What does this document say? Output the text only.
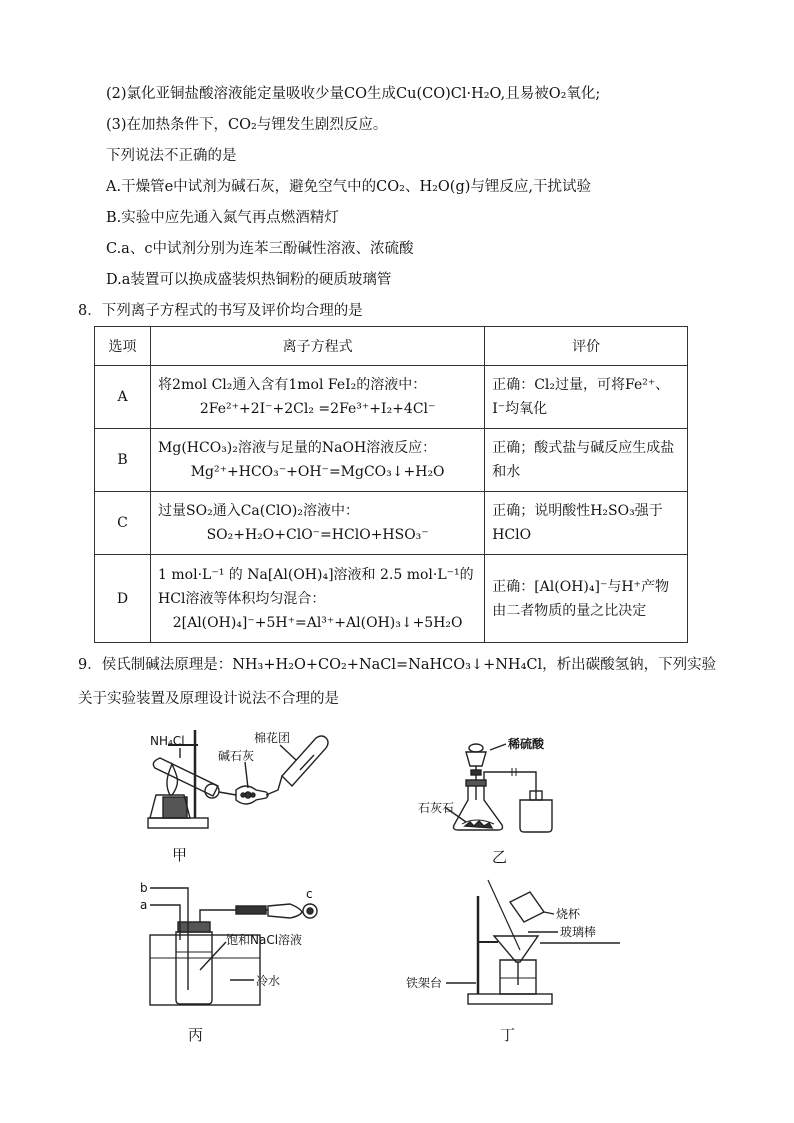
(2)氯化亚铜盐酸溶液能定量吸收少量CO生成Cu(CO)Cl·H₂O,且易被O₂氧化;
(3)在加热条件下，CO₂与锂发生剧烈反应。
下列说法不正确的是
A.干燥管e中试剂为碱石灰，避免空气中的CO₂、H₂O(g)与锂反应,干扰试验
B.实验中应先通入氮气再点燃酒精灯
C.a、c中试剂分别为连苯三酚碱性溶液、浓硫酸
D.a装置可以换成盛装炽热铜粉的硬质玻璃管
8．下列离子方程式的书写及评价均合理的是
选项	离子方程式	评价
A	将2mol Cl₂通入含有1mol FeI₂的溶液中：
2Fe²⁺+2I⁻+2Cl₂ =2Fe³⁺+I₂+4Cl⁻	正确：Cl₂过量，可将Fe²⁺、I⁻均氧化
B	Mg(HCO₃)₂溶液与足量的NaOH溶液反应：
Mg²⁺+HCO₃⁻+OH⁻=MgCO₃↓+H₂O	正确；酸式盐与碱反应生成盐和水
C	过量SO₂通入Ca(ClO)₂溶液中：
SO₂+H₂O+ClO⁻=HClO+HSO₃⁻	正确；说明酸性H₂SO₃强于HClO
D	1 mol·L⁻¹ 的 Na[Al(OH)₄]溶液和 2.5 mol·L⁻¹的HCl溶液等体积均匀混合：
2[Al(OH)₄]⁻+5H⁺=Al³⁺+Al(OH)₃↓+5H₂O	正确：[Al(OH)₄]⁻与H⁺产物由二者物质的量之比决定
9．侯氏制碱法原理是：NH₃+H₂O+CO₂+NaCl=NaHCO₃↓+NH₄Cl，析出碳酸氢钠，下列实验
关于实验装置及原理设计说法不合理的是
NH₄Cl
碱石灰
棉花团
甲
稀硫酸
石灰石
乙
b
a
c
饱和NaCl溶液
冷水
丙
烧杯
玻璃棒
铁架台
丁
